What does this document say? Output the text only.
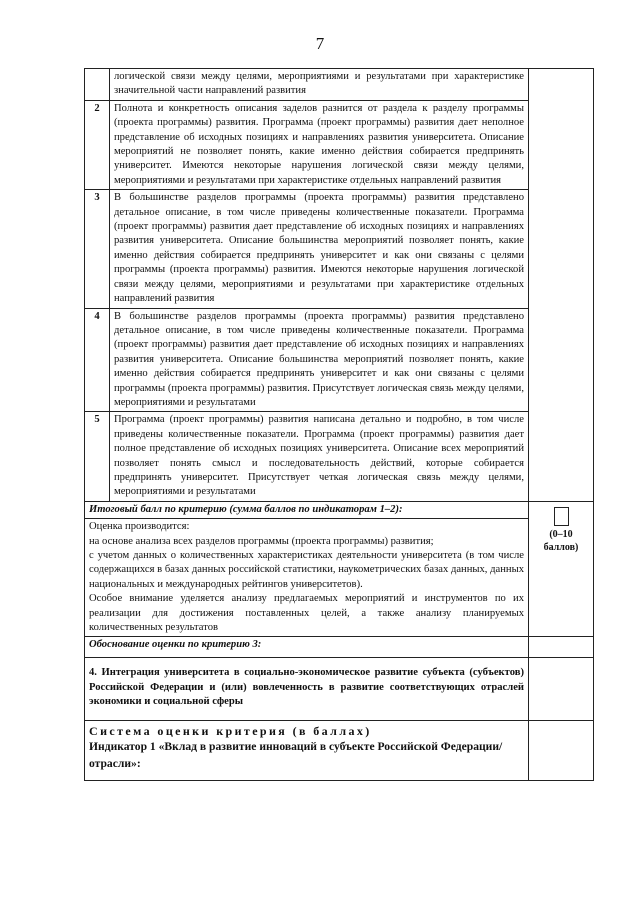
7
	логической связи между целями, мероприятиями и результатами при характеристике значительной части направлений развития	
2	Полнота и конкретность описания заделов разнится от раздела к разделу программы (проекта программы) развития. Программа (проект программы) развития дает неполное представление об исходных позициях и направлениях развития университета. Описание мероприятий не позволяет понять, какие именно действия собирается предпринять университет. Имеются некоторые нарушения логической связи между целями, мероприятиями и результатами при характеристике отдельных направлений развития	
3	В большинстве разделов программы (проекта программы) развития представлено детальное описание, в том числе приведены количественные показатели. Программа (проект программы) развития дает представление об исходных позициях и направлениях развития университета. Описание большинства мероприятий позволяет понять, какие именно действия собирается предпринять университет и как они связаны с целями программы (проекта программы) развития. Имеются некоторые нарушения логической связи между целями, мероприятиями и результатами при характеристике отдельных направлений развития	
4	В большинстве разделов программы (проекта программы) развития представлено детальное описание, в том числе приведены количественные показатели. Программа (проект программы) развития дает представление об исходных позициях и направлениях развития университета. Описание большинства мероприятий позволяет понять, какие именно действия собирается предпринять университет и как они связаны с целями программы (проекта программы) развития. Присутствует логическая связь между целями, мероприятиями и результатами	
5	Программа (проект программы) развития написана детально и подробно, в том числе приведены количественные показатели. Программа (проект программы) развития дает полное представление об исходных позициях университета. Описание всех мероприятий позволяет понять смысл и последовательность действий, которые собирается предпринять университет. Присутствует четкая логическая связь между целями, мероприятиями и результатами	
Итоговый балл по критерию (сумма баллов по индикаторам 1–2):		(0–10 баллов)

Оценка производится:
на основе анализа всех разделов программы (проекта программы) развития;
с учетом данных о количественных характеристиках деятельности университета (в том числе содержащихся в базах данных российской статистики, наукометрических базах данных, данных национальных и международных рейтингов университетов).
Особое внимание уделяется анализу предлагаемых мероприятий и инструментов по их реализации для достижения поставленных целей, а также анализу планируемых количественных результатов		

Обоснование оценки по критерию 3:		
4. Интеграция университета в социально-экономическое развитие субъекта (субъектов) Российской Федерации и (или) вовлеченность в развитие соответствующих отраслей экономики и социальной сферы		

Система оценки критерия (в баллах)
Индикатор 1 «Вклад в развитие инноваций в субъекте Российской Федерации/отрасли»:		
